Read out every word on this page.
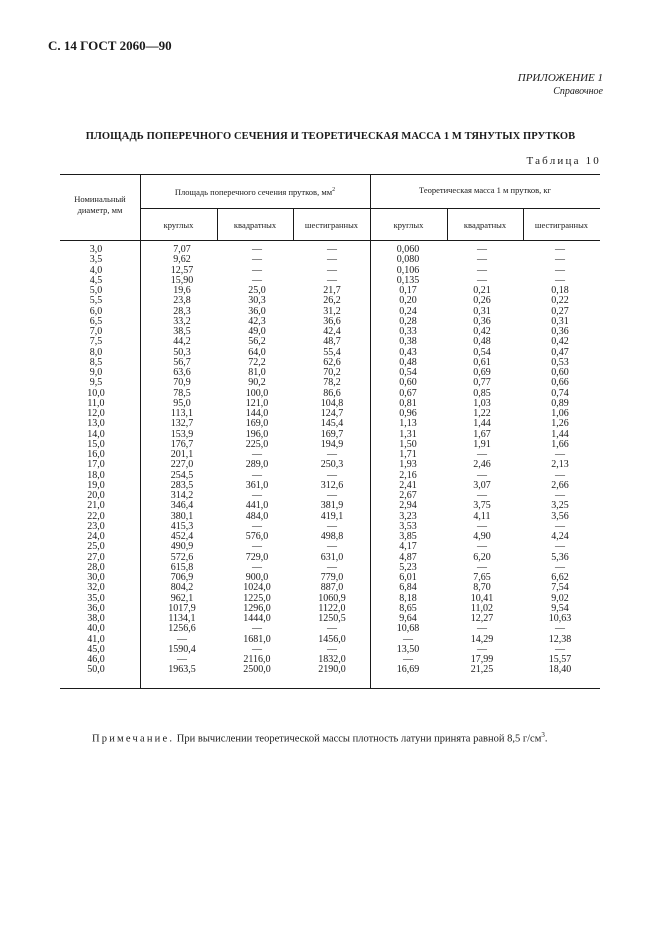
С. 14 ГОСТ 2060—90
ПРИЛОЖЕНИЕ 1
Справочное
ПЛОЩАДЬ ПОПЕРЕЧНОГО СЕЧЕНИЯ И ТЕОРЕТИЧЕСКАЯ МАССА 1 М ТЯНУТЫХ ПРУТКОВ
Таблица 10
Номинальный диаметр, мм
Площадь поперечного сечения прутков, $мм^2$	Теоретическая масса 1 м прутков, кг
круглых	квадратных	шестигранных	круглых	квадратных	шестигранных
3,0	7,07	—	—	0,060	—	—
3,5	9,62	—	—	0,080	—	—
4,0	12,57	—	—	0,106	—	—
4,5	15,90	—	—	0,135	—	—
5,0	19,6	25,0	21,7	0,17	0,21	0,18
5,5	23,8	30,3	26,2	0,20	0,26	0,22
6,0	28,3	36,0	31,2	0,24	0,31	0,27
6,5	33,2	42,3	36,6	0,28	0,36	0,31
7,0	38,5	49,0	42,4	0,33	0,42	0,36
7,5	44,2	56,2	48,7	0,38	0,48	0,42
8,0	50,3	64,0	55,4	0,43	0,54	0,47
8,5	56,7	72,2	62,6	0,48	0,61	0,53
9,0	63,6	81,0	70,2	0,54	0,69	0,60
9,5	70,9	90,2	78,2	0,60	0,77	0,66
10,0	78,5	100,0	86,6	0,67	0,85	0,74
11,0	95,0	121,0	104,8	0,81	1,03	0,89
12,0	113,1	144,0	124,7	0,96	1,22	1,06
13,0	132,7	169,0	145,4	1,13	1,44	1,26
14,0	153,9	196,0	169,7	1,31	1,67	1,44
15,0	176,7	225,0	194,9	1,50	1,91	1,66
16,0	201,1	—	—	1,71	—	—
17,0	227,0	289,0	250,3	1,93	2,46	2,13
18,0	254,5	—	—	2,16	—	—
19,0	283,5	361,0	312,6	2,41	3,07	2,66
20,0	314,2	—	—	2,67	—	—
21,0	346,4	441,0	381,9	2,94	3,75	3,25
22,0	380,1	484,0	419,1	3,23	4,11	3,56
23,0	415,3	—	—	3,53	—	—
24,0	452,4	576,0	498,8	3,85	4,90	4,24
25,0	490,9	—	—	4,17	—	—
27,0	572,6	729,0	631,0	4,87	6,20	5,36
28,0	615,8	—	—	5,23	—	—
30,0	706,9	900,0	779,0	6,01	7,65	6,62
32,0	804,2	1024,0	887,0	6,84	8,70	7,54
35,0	962,1	1225,0	1060,9	8,18	10,41	9,02
36,0	1017,9	1296,0	1122,0	8,65	11,02	9,54
38,0	1134,1	1444,0	1250,5	9,64	12,27	10,63
40,0	1256,6	—	—	10,68	—	—
41,0	—	1681,0	1456,0	—	14,29	12,38
45,0	1590,4	—	—	13,50	—	—
46,0	—	2116,0	1832,0	—	17,99	15,57
50,0	1963,5	2500,0	2190,0	16,69	21,25	18,40
Примечание. При вычислении теоретической массы плотность латуни принята равной 8,5 $г/см^3$.
